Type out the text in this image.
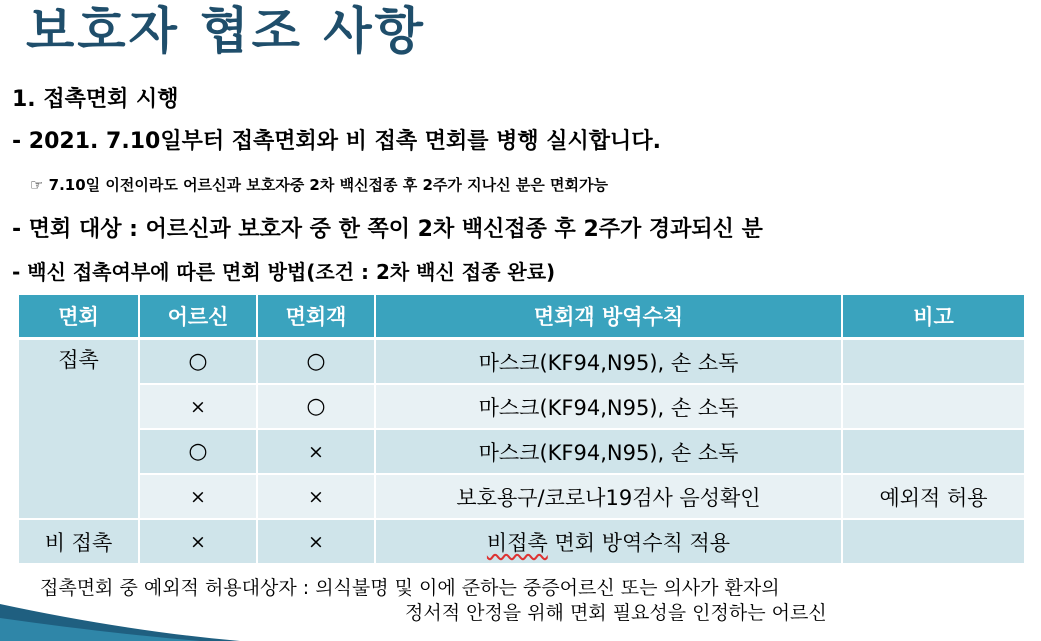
보호자 협조 사항
1. 접촉면회 시행
- 2021. 7.10일부터 접촉면회와 비 접촉 면회를 병행 실시합니다.
☞ 7.10일 이전이라도 어르신과 보호자중 2차 백신접종 후 2주가 지나신 분은 면회가능
- 면회 대상 : 어르신과 보호자 중 한 쪽이 2차 백신접종 후 2주가 경과되신 분
- 백신 접촉여부에 따른 면회 방법(조건 : 2차 백신 접종 완료)
면회	어르신	면회객	면회객 방역수칙	비고
접촉	○	○	마스크(KF94,N95), 손 소독	
	×	○	마스크(KF94,N95), 손 소독	
	○	×	마스크(KF94,N95), 손 소독	
	×	×	보호용구/코로나19검사 음성확인	예외적 허용
비 접촉	×	×	비접촉 면회 방역수칙 적용	
접촉면회 중 예외적 허용대상자 : 의식불명 및 이에 준하는 중증어르신 또는 의사가 환자의
정서적 안정을 위해 면회 필요성을 인정하는 어르신
